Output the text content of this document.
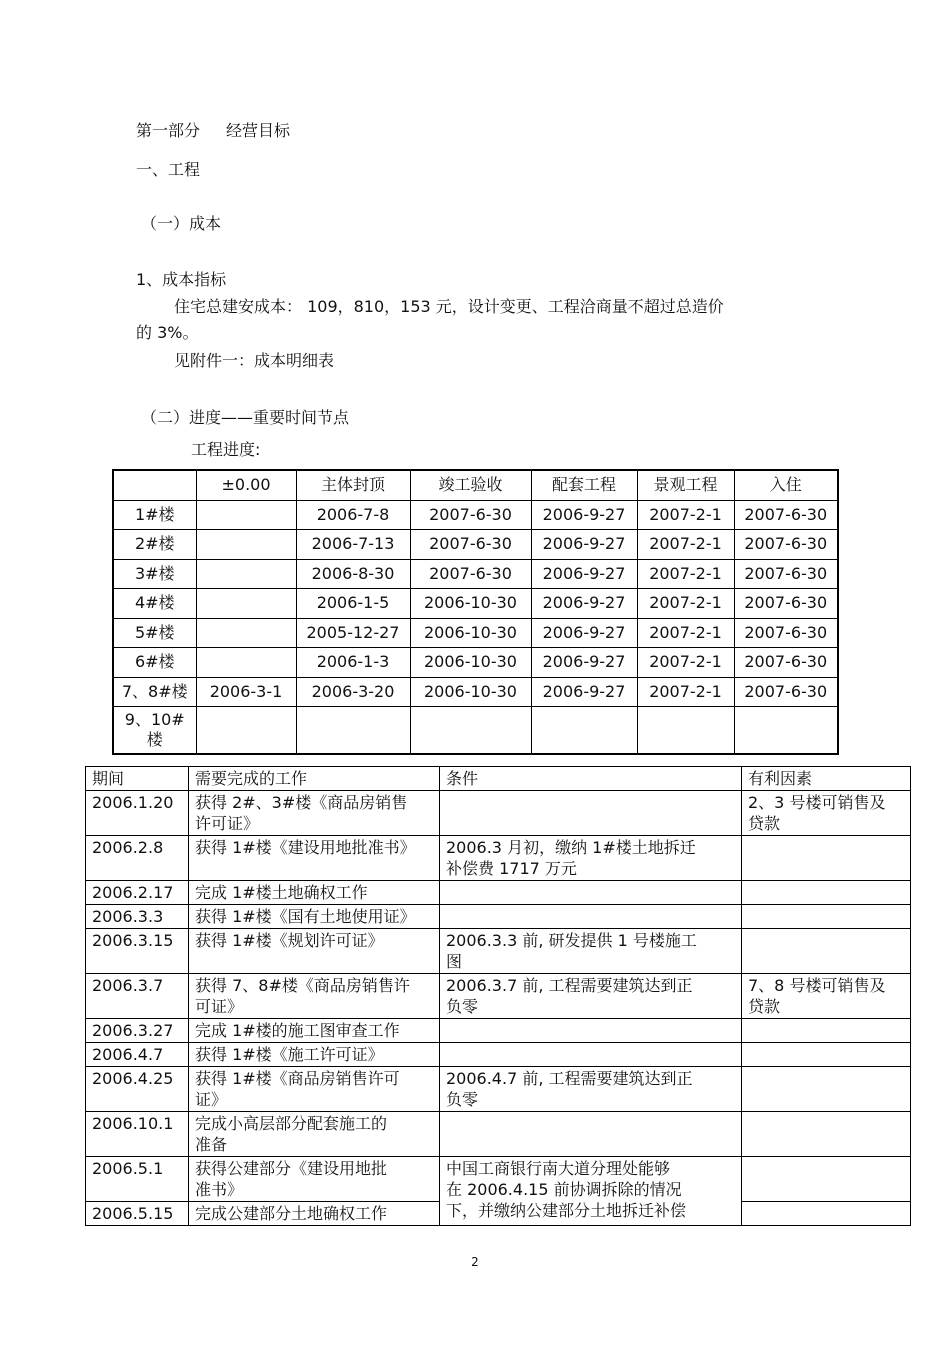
第一部分 经营目标
一、工程
（一）成本
1、成本指标
住宅总建安成本： 109，810，153 元，设计变更、工程洽商量不超过总造价
的 3%。
见附件一：成本明细表
（二）进度——重要时间节点
工程进度:
	±0.00	主体封顶	竣工验收	配套工程	景观工程	入住
1#楼		2006-7-8	2007-6-30	2006-9-27	2007-2-1	2007-6-30
2#楼		2006-7-13	2007-6-30	2006-9-27	2007-2-1	2007-6-30
3#楼		2006-8-30	2007-6-30	2006-9-27	2007-2-1	2007-6-30
4#楼		2006-1-5	2006-10-30	2006-9-27	2007-2-1	2007-6-30
5#楼		2005-12-27	2006-10-30	2006-9-27	2007-2-1	2007-6-30
6#楼		2006-1-3	2006-10-30	2006-9-27	2007-2-1	2007-6-30
7、8#楼	2006-3-1	2006-3-20	2006-10-30	2006-9-27	2007-2-1	2007-6-30
9、10#
楼						
期间	需要完成的工作	条件	有利因素
2006.1.20	获得 2#、3#楼《商品房销售
许可证》		2、3 号楼可销售及
贷款
2006.2.8	获得 1#楼《建设用地批准书》	2006.3 月初，缴纳 1#楼土地拆迁
补偿费 1717 万元	
2006.2.17	完成 1#楼土地确权工作		
2006.3.3	获得 1#楼《国有土地使用证》		
2006.3.15	获得 1#楼《规划许可证》	2006.3.3 前, 研发提供 1 号楼施工
图	
2006.3.7	获得 7、8#楼《商品房销售许
可证》	2006.3.7 前, 工程需要建筑达到正
负零	7、8 号楼可销售及
贷款
2006.3.27	完成 1#楼的施工图审查工作		
2006.4.7	获得 1#楼《施工许可证》		
2006.4.25	获得 1#楼《商品房销售许可
证》	2006.4.7 前, 工程需要建筑达到正
负零	
2006.10.1	完成小高层部分配套施工的
准备		
2006.5.1	获得公建部分《建设用地批
准书》	中国工商银行南大道分理处能够
在 2006.4.15 前协调拆除的情况
下，并缴纳公建部分土地拆迁补偿	
2006.5.15	完成公建部分土地确权工作		
2
